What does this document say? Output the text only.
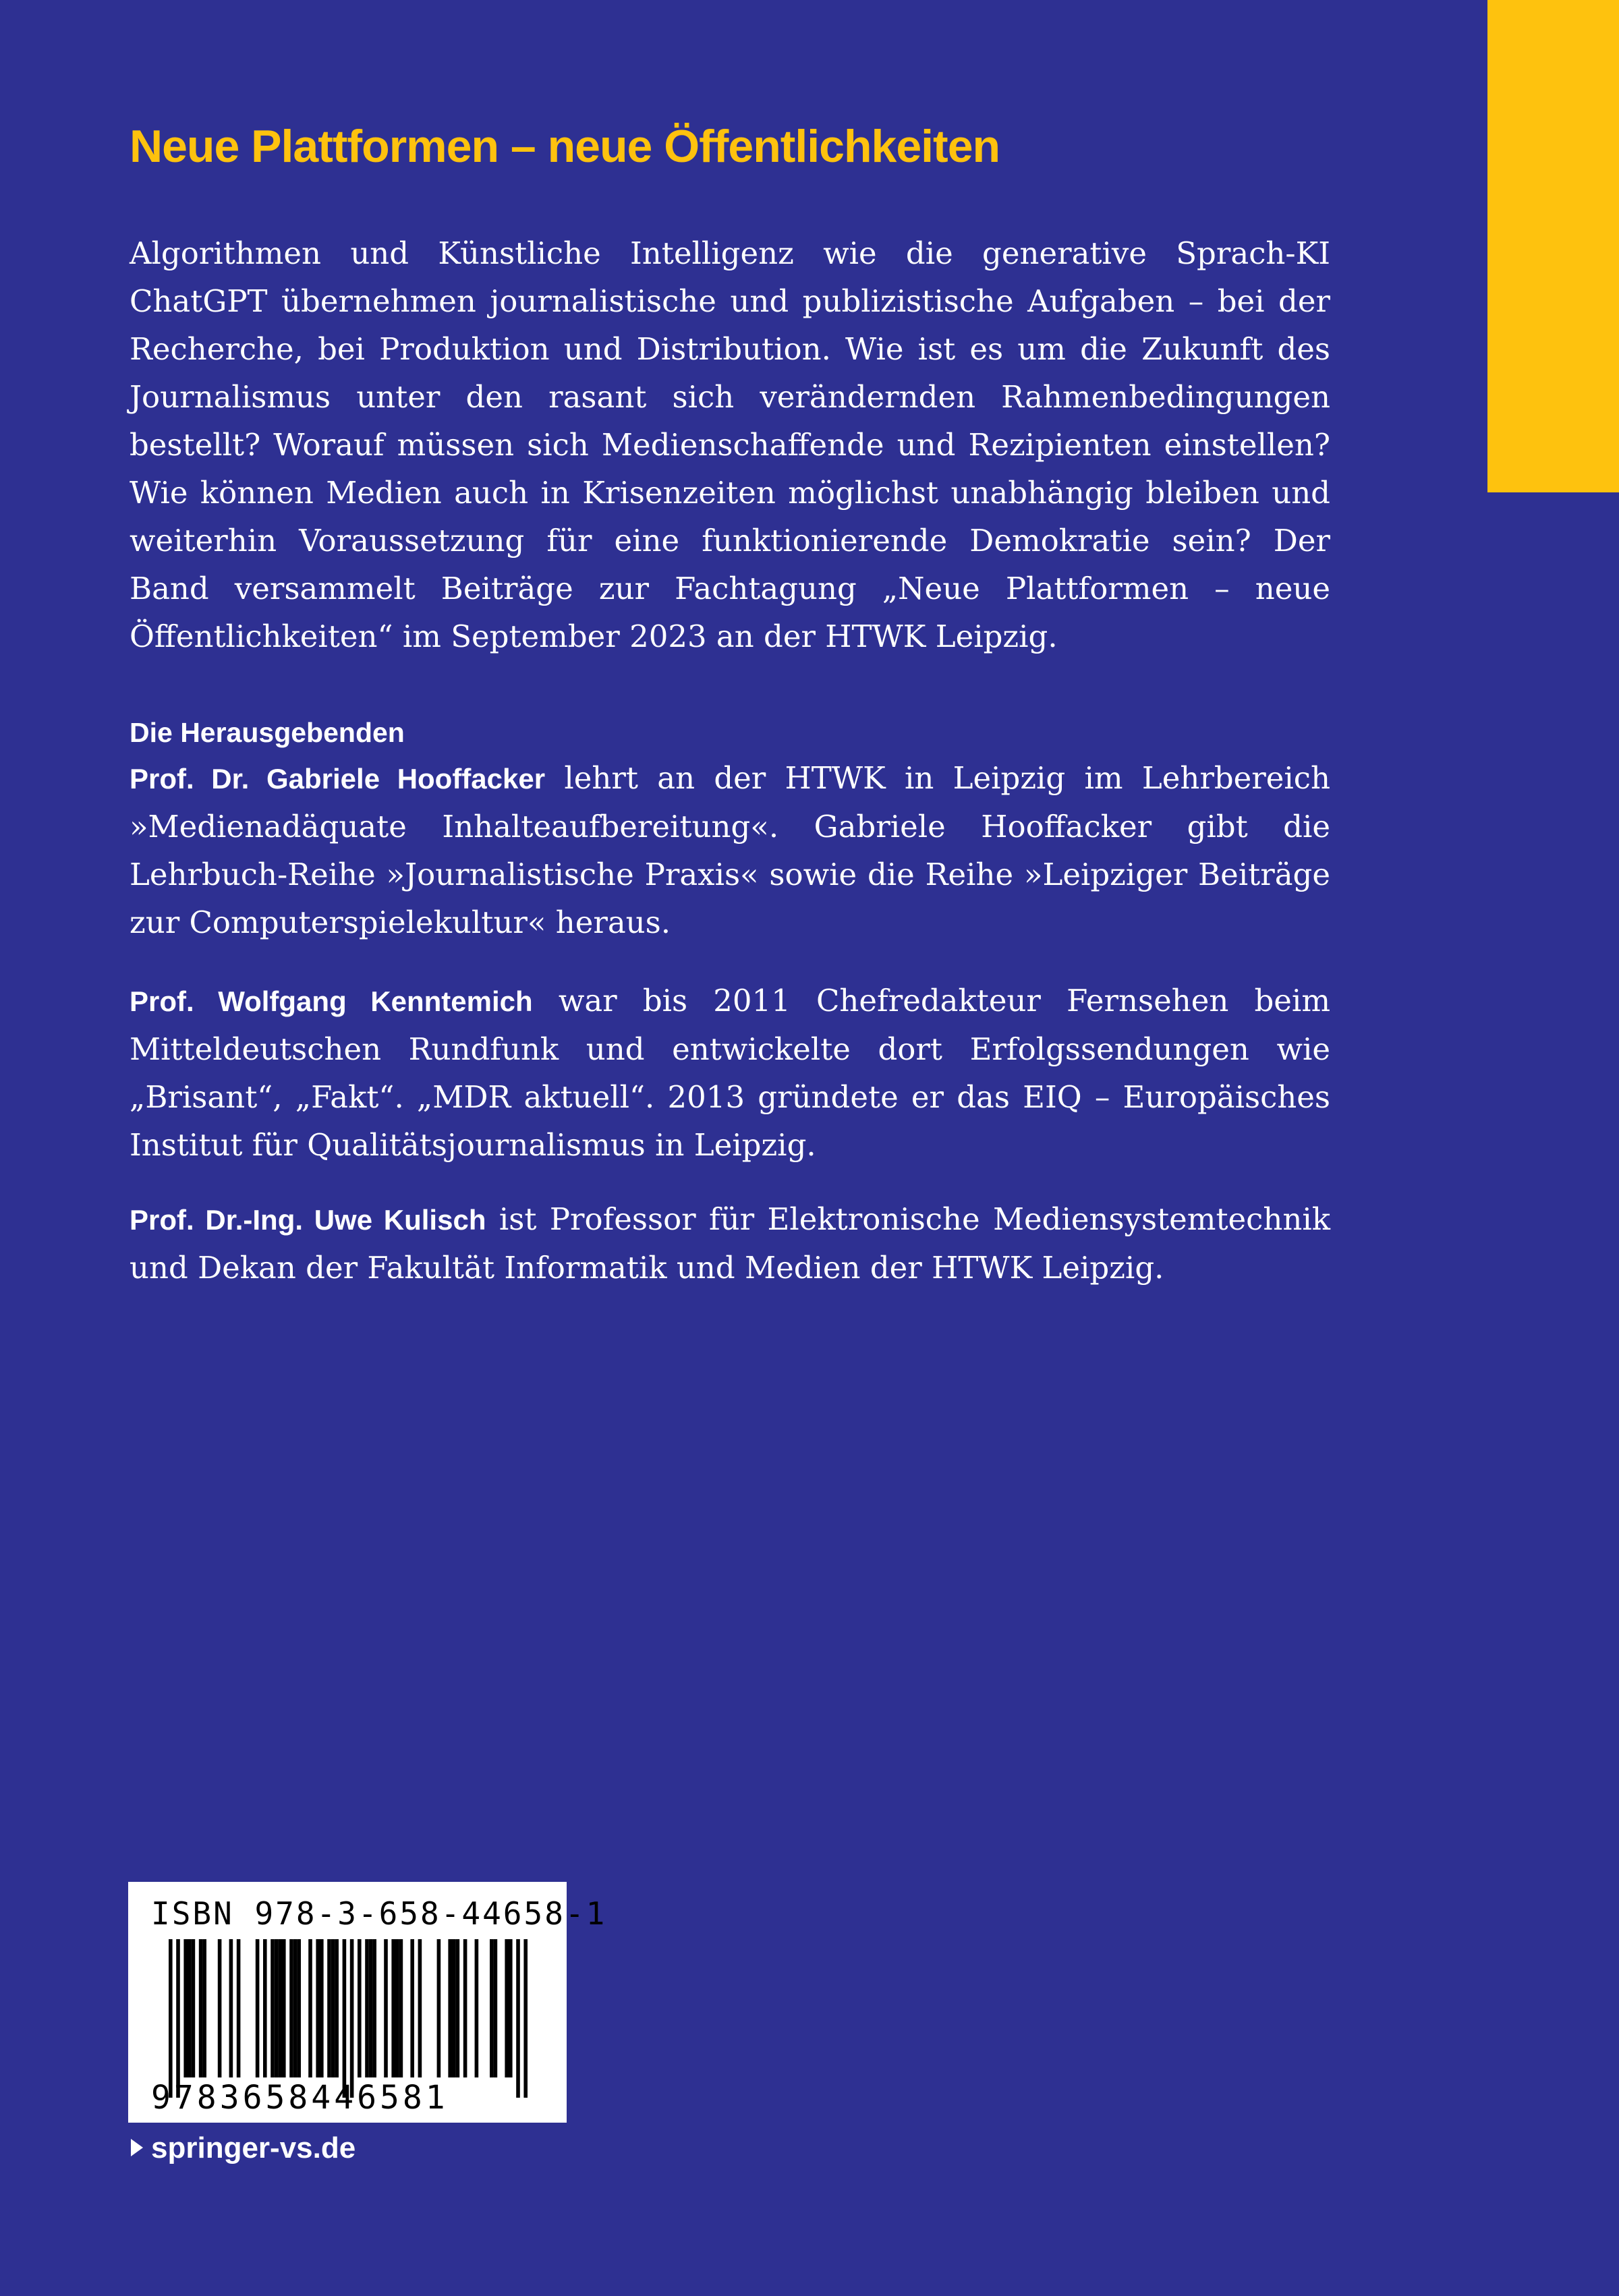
Neue Plattformen – neue Öffentlichkeiten

Algorithmen und Künstliche Intelligenz wie die generative Sprach-KI ChatGPT übernehmen journalistische und publizistische Aufgaben – bei der Recherche, bei Produktion und Distribution. Wie ist es um die Zukunft des Journalismus unter den rasant sich verändernden Rahmenbedingungen bestellt? Worauf müssen sich Medienschaffende und Rezipienten einstellen? Wie können Medien auch in Krisenzeiten möglichst unabhängig bleiben und weiterhin Voraussetzung für eine funktionierende Demokratie sein? Der Band versammelt Beiträge zur Fachtagung „Neue Plattformen – neue Öffentlichkeiten“ im September 2023 an der HTWK Leipzig.

Die Herausgebenden

Prof. Dr. Gabriele Hooffacker lehrt an der HTWK in Leipzig im Lehrbereich »Medienadäquate Inhalteaufbereitung«. Gabriele Hooffacker gibt die Lehrbuch-Reihe »Journalistische Praxis« sowie die Reihe »Leipziger Beiträge zur Computerspielekultur« heraus.

Prof. Wolfgang Kenntemich war bis 2011 Chefredakteur Fernsehen beim Mitteldeutschen Rundfunk und entwickelte dort Erfolgssendungen wie „Brisant“, „Fakt“. „MDR aktuell“. 2013 gründete er das EIQ – Europäisches Institut für Qualitätsjournalismus in Leipzig.

Prof. Dr.-Ing. Uwe Kulisch ist Professor für Elektronische Mediensystemtechnik und Dekan der Fakultät Informatik und Medien der HTWK Leipzig.

ISBN 978-3-658-44658-1
9783658446581
springer-vs.de
